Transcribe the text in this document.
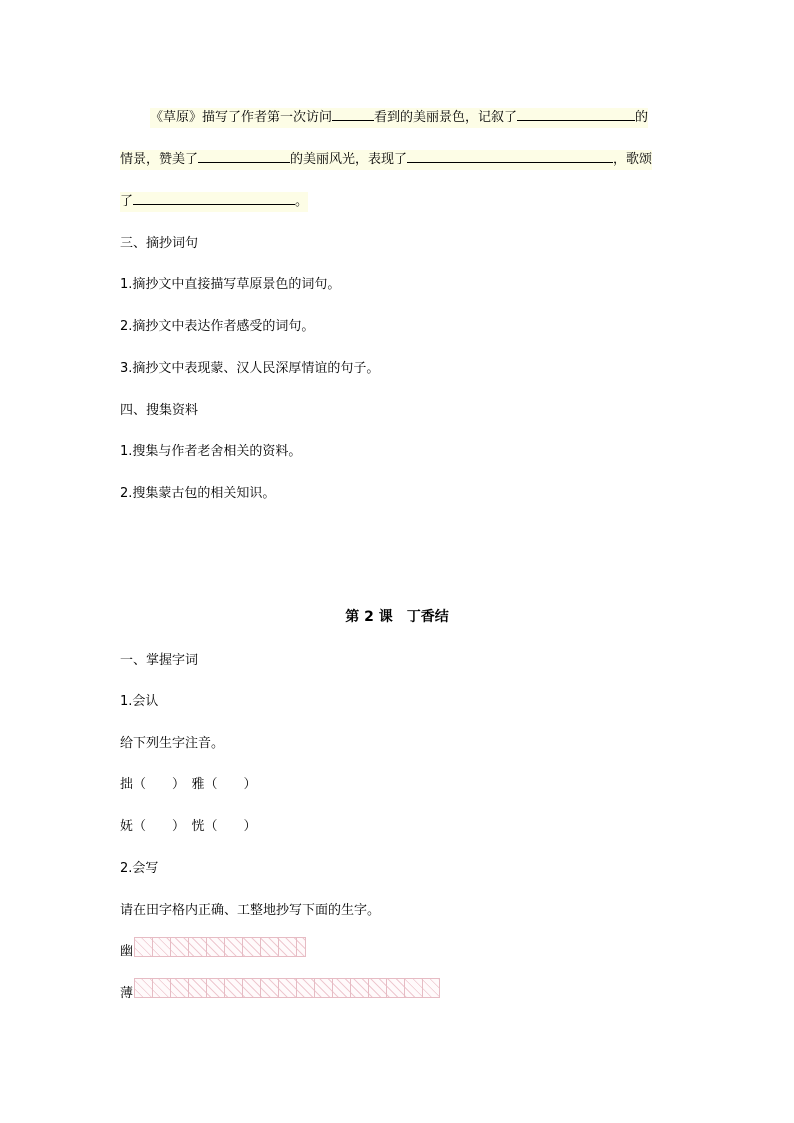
《草原》描写了作者第一次访问	看到的美丽景色，记叙了	的
情景，赞美了	的美丽风光，表现了	，歌颂
了	。
三、摘抄词句
1.摘抄文中直接描写草原景色的词句。
2.摘抄文中表达作者感受的词句。
3.摘抄文中表现蒙、汉人民深厚情谊的句子。
四、搜集资料
1.搜集与作者老舍相关的资料。
2.搜集蒙古包的相关知识。
第 2 课　丁香结
一、掌握字词
1.会认
给下列生字注音。
拙（　　）　雅（　　）
妩（　　）　恍（　　）
2.会写
请在田字格内正确、工整地抄写下面的生字。
幽
薄
